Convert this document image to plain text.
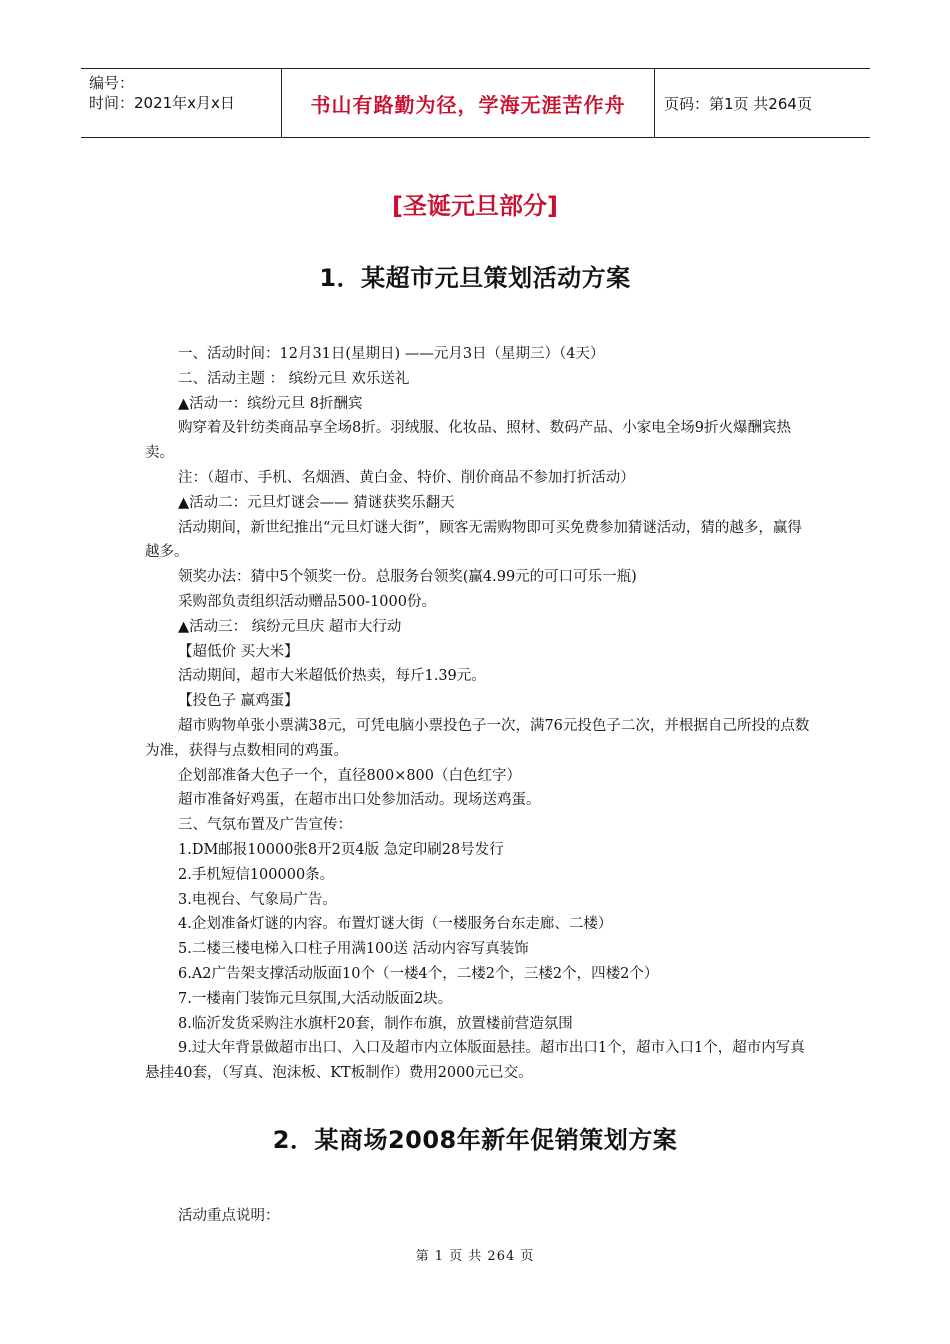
编号：
时间：2021年x月x日	书山有路勤为径，学海无涯苦作舟	页码：第1页 共264页
[圣诞元旦部分]
1．某超市元旦策划活动方案

一、活动时间：12月31日(星期日) ——元月3日（星期三）（4天）

二、活动主题 ： 缤纷元旦 欢乐送礼

▲活动一：缤纷元旦 8折酬宾

购穿着及针纺类商品享全场8折。羽绒服、化妆品、照材、数码产品、小家电全场9折火爆酬宾热卖。

注：（超市、手机、名烟酒、黄白金、特价、削价商品不参加打折活动）

▲活动二：元旦灯谜会—— 猜谜获奖乐翻天

活动期间，新世纪推出“元旦灯谜大街”，顾客无需购物即可买免费参加猜谜活动，猜的越多，赢得越多。

领奖办法：猜中5个领奖一份。总服务台领奖(赢4.99元的可口可乐一瓶)

采购部负责组织活动赠品500-1000份。

▲活动三： 缤纷元旦庆 超市大行动

【超低价 买大米】

活动期间，超市大米超低价热卖，每斤1.39元。

【投色子 赢鸡蛋】

超市购物单张小票满38元，可凭电脑小票投色子一次，满76元投色子二次，并根据自己所投的点数为准，获得与点数相同的鸡蛋。

企划部准备大色子一个，直径800×800（白色红字）

超市准备好鸡蛋，在超市出口处参加活动。现场送鸡蛋。

三、气氛布置及广告宣传：

1.DM邮报10000张8开2页4版 急定印刷28号发行

2.手机短信100000条。

3.电视台、气象局广告。

4.企划准备灯谜的内容。布置灯谜大街（一楼服务台东走廊、二楼）

5.二楼三楼电梯入口柱子用满100送 活动内容写真装饰

6.A2广告架支撑活动版面10个（一楼4个，二楼2个，三楼2个，四楼2个）

7.一楼南门装饰元旦氛围,大活动版面2块。

8.临沂发货采购注水旗杆20套，制作布旗，放置楼前营造氛围

9.过大年背景做超市出口、入口及超市内立体版面悬挂。超市出口1个，超市入口1个，超市内写真悬挂40套，（写真、泡沫板、KT板制作）费用2000元已交。

2．某商场2008年新年促销策划方案

活动重点说明：

第 1 页 共 264 页
